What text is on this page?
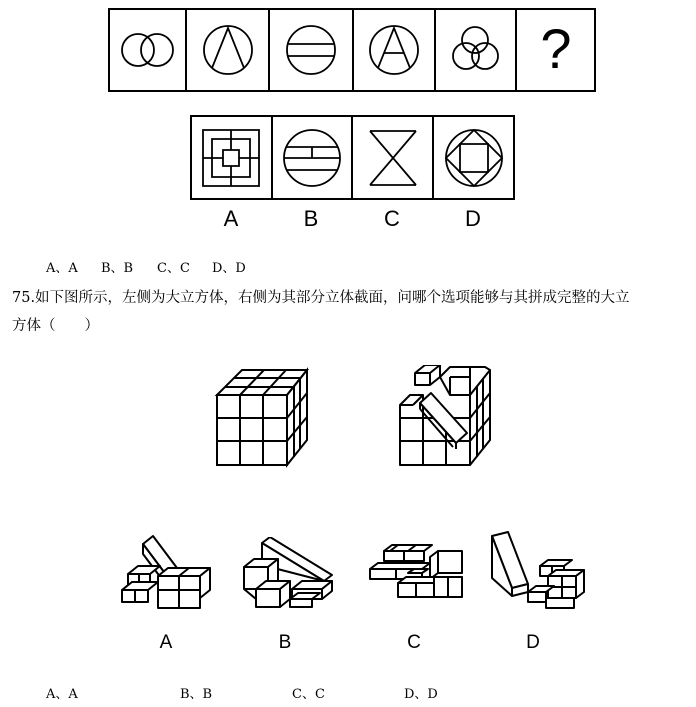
?
A	B	C	D
A、A B、B C、C D、D
75.如下图所示，左侧为大立方体，右侧为其部分立体截面，问哪个选项能够与其拼成完整的大立
方体（　　）
A	B	C	D
A、A	B、B	C、C	D、D
